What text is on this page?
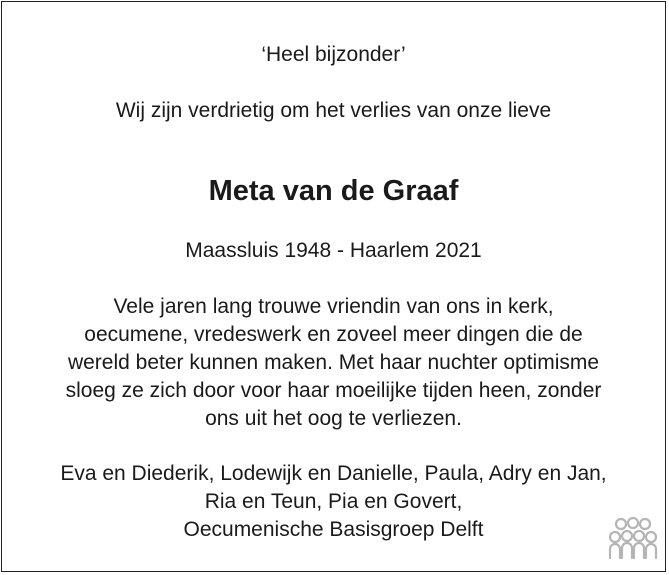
‘Heel bijzonder’
Wij zijn verdrietig om het verlies van onze lieve
Meta van de Graaf
Maassluis 1948 - Haarlem 2021
Vele jaren lang trouwe vriendin van ons in kerk,
oecumene, vredeswerk en zoveel meer dingen die de
wereld beter kunnen maken. Met haar nuchter optimisme
sloeg ze zich door voor haar moeilijke tijden heen, zonder
ons uit het oog te verliezen.
Eva en Diederik, Lodewijk en Danielle, Paula, Adry en Jan,
Ria en Teun, Pia en Govert,
Oecumenische Basisgroep Delft
